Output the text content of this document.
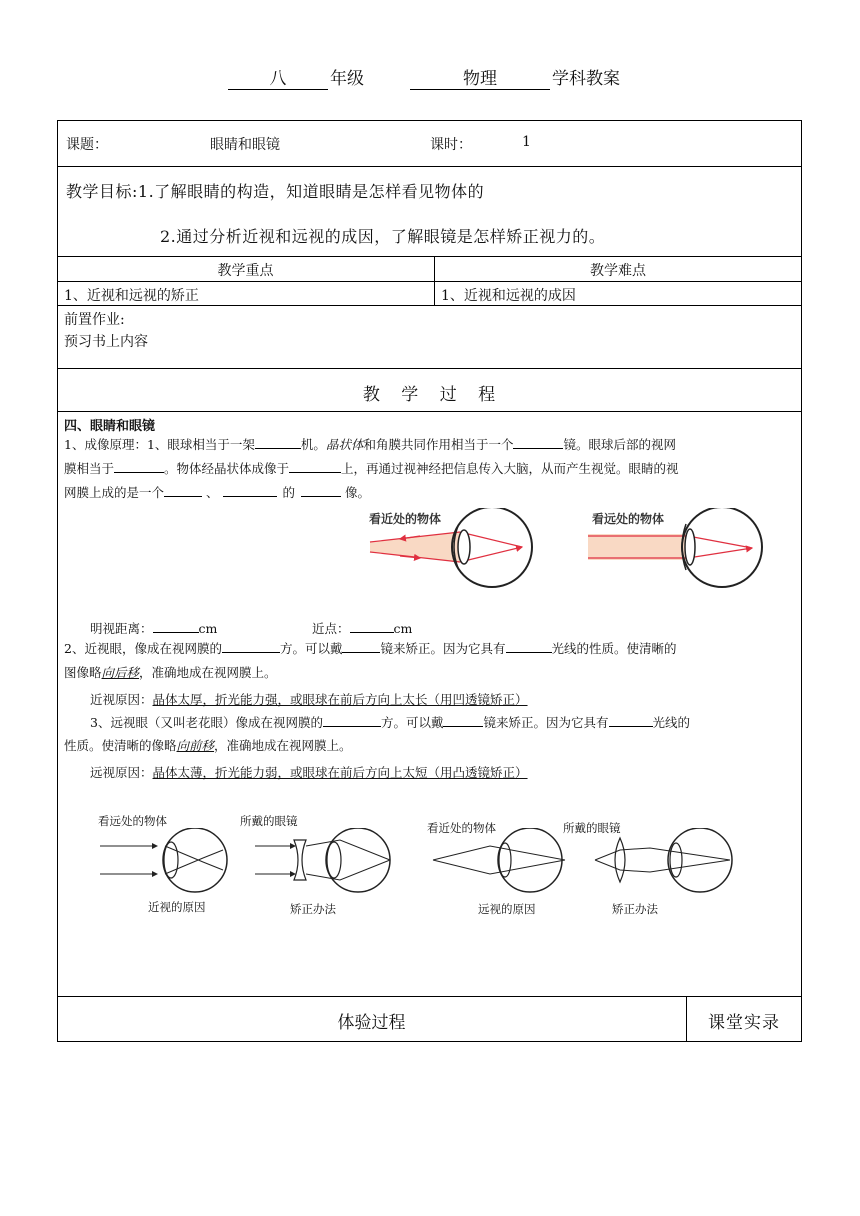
八	年级	物理	学科教案
课题：	眼睛和眼镜	课时：	1
教学目标:1.了解眼睛的构造，知道眼睛是怎样看见物体的
2.通过分析近视和远视的成因，了解眼镜是怎样矫正视力的。
教学重点	教学难点
1、近视和远视的矫正	1、近视和远视的成因
前置作业:
预习书上内容
教 学 过 程
四、眼睛和眼镜
1、成像原理：1、眼球相当于一架	机。晶状体和角膜共同作用相当于一个	镜。眼球后部的视网
膜相当于	。物体经晶状体成像于	上，再通过视神经把信息传入大脑，从而产生视觉。眼睛的视
网膜上成的是一个	、	的	像。
看近处的物体	看远处的物体
明视距离：	cm	近点：	cm
2、近视眼，像成在视网膜的	方。可以戴	镜来矫正。因为它具有	光线的性质。使清晰的
图像略向后移，准确地成在视网膜上。
近视原因：晶体太厚，折光能力强，或眼球在前后方向上太长（用凹透镜矫正）
3、远视眼（又叫老花眼）像成在视网膜的	方。可以戴	镜来矫正。因为它具有	光线的
性质。使清晰的像略向前移，准确地成在视网膜上。
远视原因：晶体太薄，折光能力弱，或眼球在前后方向上太短（用凸透镜矫正）
看远处的物体	所戴的眼镜
近视的原因	矫正办法
看近处的物体	所戴的眼镜
远视的原因	矫正办法
体验过程	课堂实录
